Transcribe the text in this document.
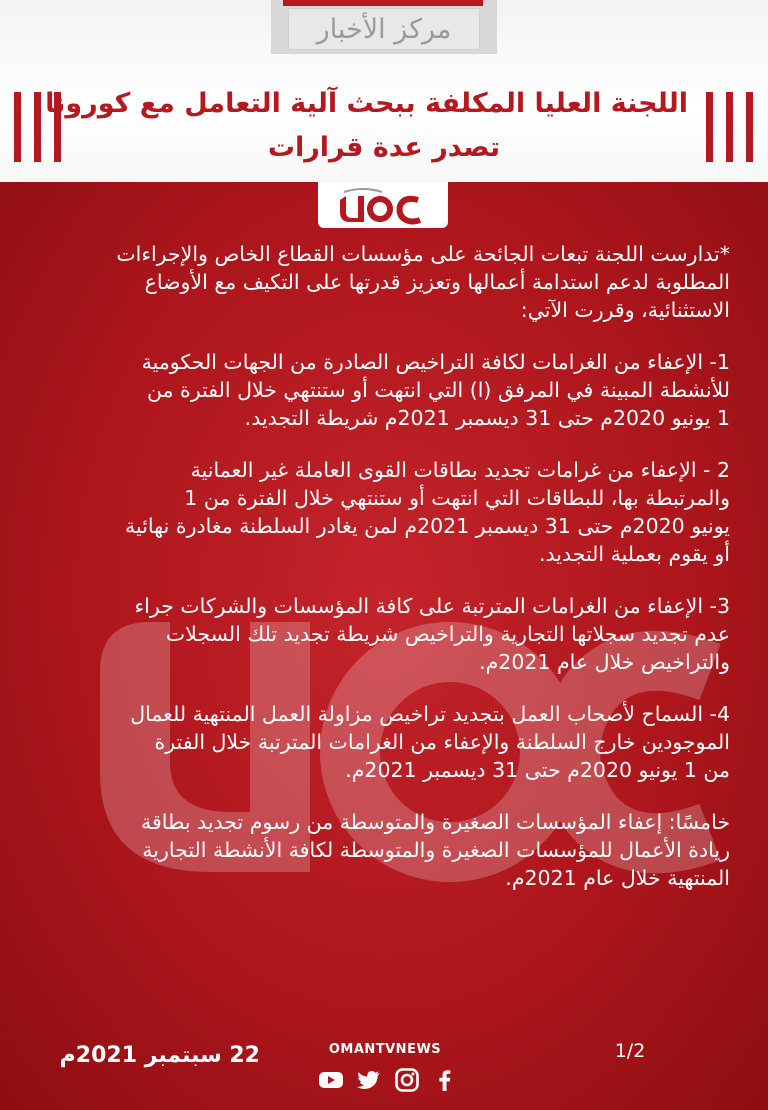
مركز الأخبار
اللجنة العليا المكلفة ببحث آلية التعامل مع كورونا
تصدر عدة قرارات
*تدارست اللجنة تبعات الجائحة على مؤسسات القطاع الخاص والإجراءات
المطلوبة لدعم استدامة أعمالها وتعزيز قدرتها على التكيف مع الأوضاع
الاستثنائية، وقررت الآتي:
1- الإعفاء من الغرامات لكافة التراخيص الصادرة من الجهات الحكومية
للأنشطة المبينة في المرفق (ا) التي انتهت أو ستنتهي خلال الفترة من
1 يونيو 2020م حتى 31 ديسمبر 2021م شريطة التجديد.
2 - الإعفاء من غرامات تجديد بطاقات القوى العاملة غير العمانية
والمرتبطة بها، للبطاقات التي انتهت أو ستنتهي خلال الفترة من 1
يونيو 2020م حتى 31 ديسمبر 2021م لمن يغادر السلطنة مغادرة نهائية
أو يقوم بعملية التجديد.
3- الإعفاء من الغرامات المترتبة على كافة المؤسسات والشركات جراء
عدم تجديد سجلاتها التجارية والتراخيص شريطة تجديد تلك السجلات
والتراخيص خلال عام 2021م.
4- السماح لأصحاب العمل بتجديد تراخيص مزاولة العمل المنتهية للعمال
الموجودين خارج السلطنة والإعفاء من الغرامات المترتبة خلال الفترة
من 1 يونيو 2020م حتى 31 ديسمبر 2021م.
خامسًا: إعفاء المؤسسات الصغيرة والمتوسطة من رسوم تجديد بطاقة
ريادة الأعمال للمؤسسات الصغيرة والمتوسطة لكافة الأنشطة التجارية
المنتهية خلال عام 2021م.
22 سبتمبر 2021م	OMANTVNEWS	1/2
